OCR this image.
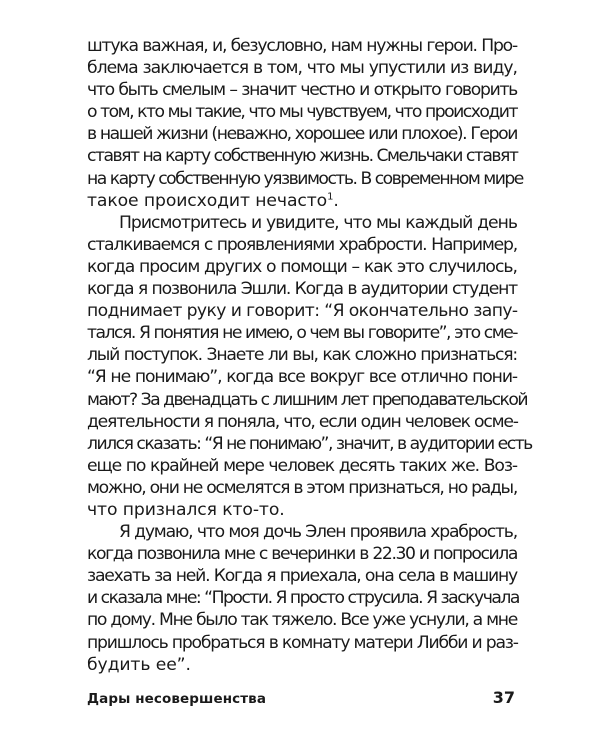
штука важная, и, безусловно, нам нужны герои. Про-
блема заключается в том, что мы упустили из виду,
что быть смелым – значит честно и открыто говорить
о том, кто мы такие, что мы чувствуем, что происходит
в нашей жизни (неважно, хорошее или плохое). Герои
ставят на карту собственную жизнь. Смельчаки ставят
на карту собственную уязвимость. В современном мире
такое происходит нечасто$^1$.
Присмотритесь и увидите, что мы каждый день
сталкиваемся с проявлениями храбрости. Например,
когда просим других о помощи – как это случилось,
когда я позвонила Эшли. Когда в аудитории студент
поднимает руку и говорит: “Я окончательно запу-
тался. Я понятия не имею, о чем вы говорите”, это сме-
лый поступок. Знаете ли вы, как сложно признаться:
“Я не понимаю”, когда все вокруг все отлично пони-
мают? За двенадцать с лишним лет преподавательской
деятельности я поняла, что, если один человек осме-
лился сказать: “Я не понимаю”, значит, в аудитории есть
еще по крайней мере человек десять таких же. Воз-
можно, они не осмелятся в этом признаться, но рады,
что признался кто-то.
Я думаю, что моя дочь Элен проявила храбрость,
когда позвонила мне с вечеринки в 22.30 и попросила
заехать за ней. Когда я приехала, она села в машину
и сказала мне: “Прости. Я просто струсила. Я заскучала
по дому. Мне было так тяжело. Все уже уснули, а мне
пришлось пробраться в комнату матери Либби и раз-
будить ее”.
Дары несовершенства	37
